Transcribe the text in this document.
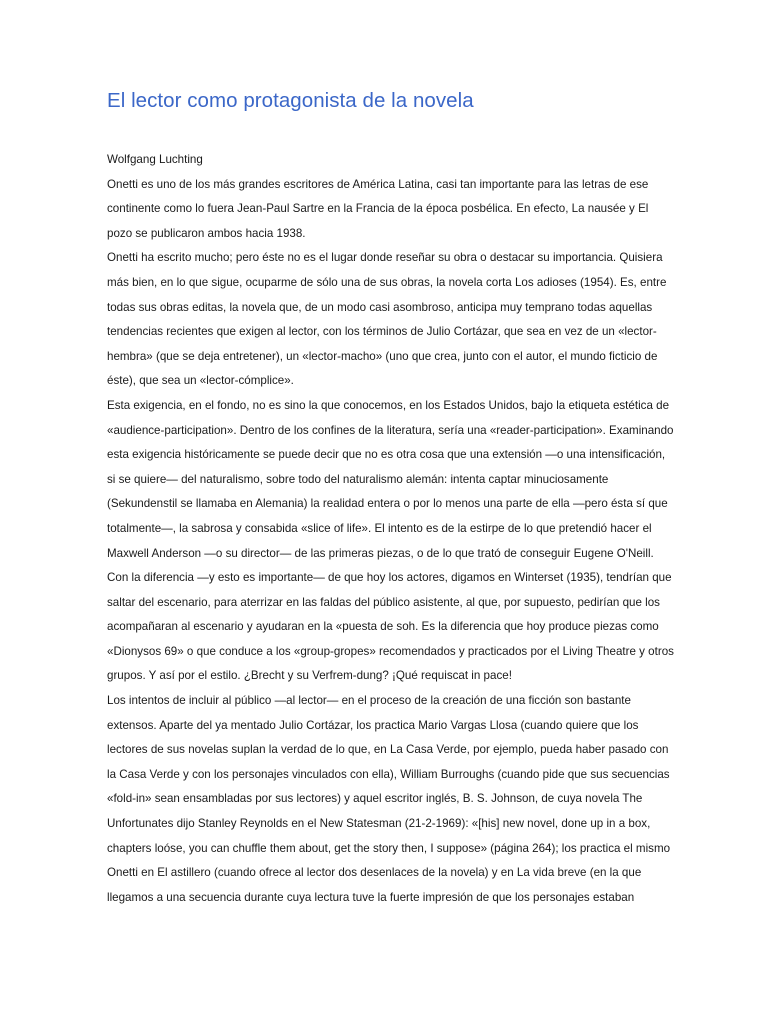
El lector como protagonista de la novela
Wolfgang Luchting
Onetti es uno de los más grandes escritores de América Latina, casi tan importante para las letras de ese
continente como lo fuera Jean-Paul Sartre en la Francia de la época posbélica. En efecto, La nausée y El
pozo se publicaron ambos hacia 1938.
Onetti ha escrito mucho; pero éste no es el lugar donde reseñar su obra o destacar su importancia. Quisiera
más bien, en lo que sigue, ocuparme de sólo una de sus obras, la novela corta Los adioses (1954). Es, entre
todas sus obras editas, la novela que, de un modo casi asombroso, anticipa muy temprano todas aquellas
tendencias recientes que exigen al lector, con los términos de Julio Cortázar, que sea en vez de un «lector-
hembra» (que se deja entretener), un «lector-macho» (uno que crea, junto con el autor, el mundo ficticio de
éste), que sea un «lector-cómplice».
Esta exigencia, en el fondo, no es sino la que conocemos, en los Estados Unidos, bajo la etiqueta estética de
«audience-participation». Dentro de los confines de la literatura, sería una «reader-participation». Examinando
esta exigencia históricamente se puede decir que no es otra cosa que una extensión —o una intensificación,
si se quiere— del naturalismo, sobre todo del naturalismo alemán: intenta captar minuciosamente
(Sekundenstil se llamaba en Alemania) la realidad entera o por lo menos una parte de ella —pero ésta sí que
totalmente—, la sabrosa y consabida «slice of life». El intento es de la estirpe de lo que pretendió hacer el
Maxwell Anderson —o su director— de las primeras piezas, o de lo que trató de conseguir Eugene O'Neill.
Con la diferencia —y esto es importante— de que hoy los actores, digamos en Winterset (1935), tendrían que
saltar del escenario, para aterrizar en las faldas del público asistente, al que, por supuesto, pedirían que los
acompañaran al escenario y ayudaran en la «puesta de soh. Es la diferencia que hoy produce piezas como
«Dionysos 69» o que conduce a los «group-gropes» recomendados y practicados por el Living Theatre y otros
grupos. Y así por el estilo. ¿Brecht y su Verfrem-dung? ¡Qué requiscat in pace!
Los intentos de incluir al público —al lector— en el proceso de la creación de una ficción son bastante
extensos. Aparte del ya mentado Julio Cortázar, los practica Mario Vargas Llosa (cuando quiere que los
lectores de sus novelas suplan la verdad de lo que, en La Casa Verde, por ejemplo, pueda haber pasado con
la Casa Verde y con los personajes vinculados con ella), William Burroughs (cuando pide que sus secuencias
«fold-in» sean ensambladas por sus lectores) y aquel escritor inglés, B. S. Johnson, de cuya novela The
Unfortunates dijo Stanley Reynolds en el New Statesman (21-2-1969): «[his] new novel, done up in a box,
chapters loóse, you can chuffle them about, get the story then, I suppose» (página 264); los practica el mismo
Onetti en El astillero (cuando ofrece al lector dos desenlaces de la novela) y en La vida breve (en la que
llegamos a una secuencia durante cuya lectura tuve la fuerte impresión de que los personajes estaban
